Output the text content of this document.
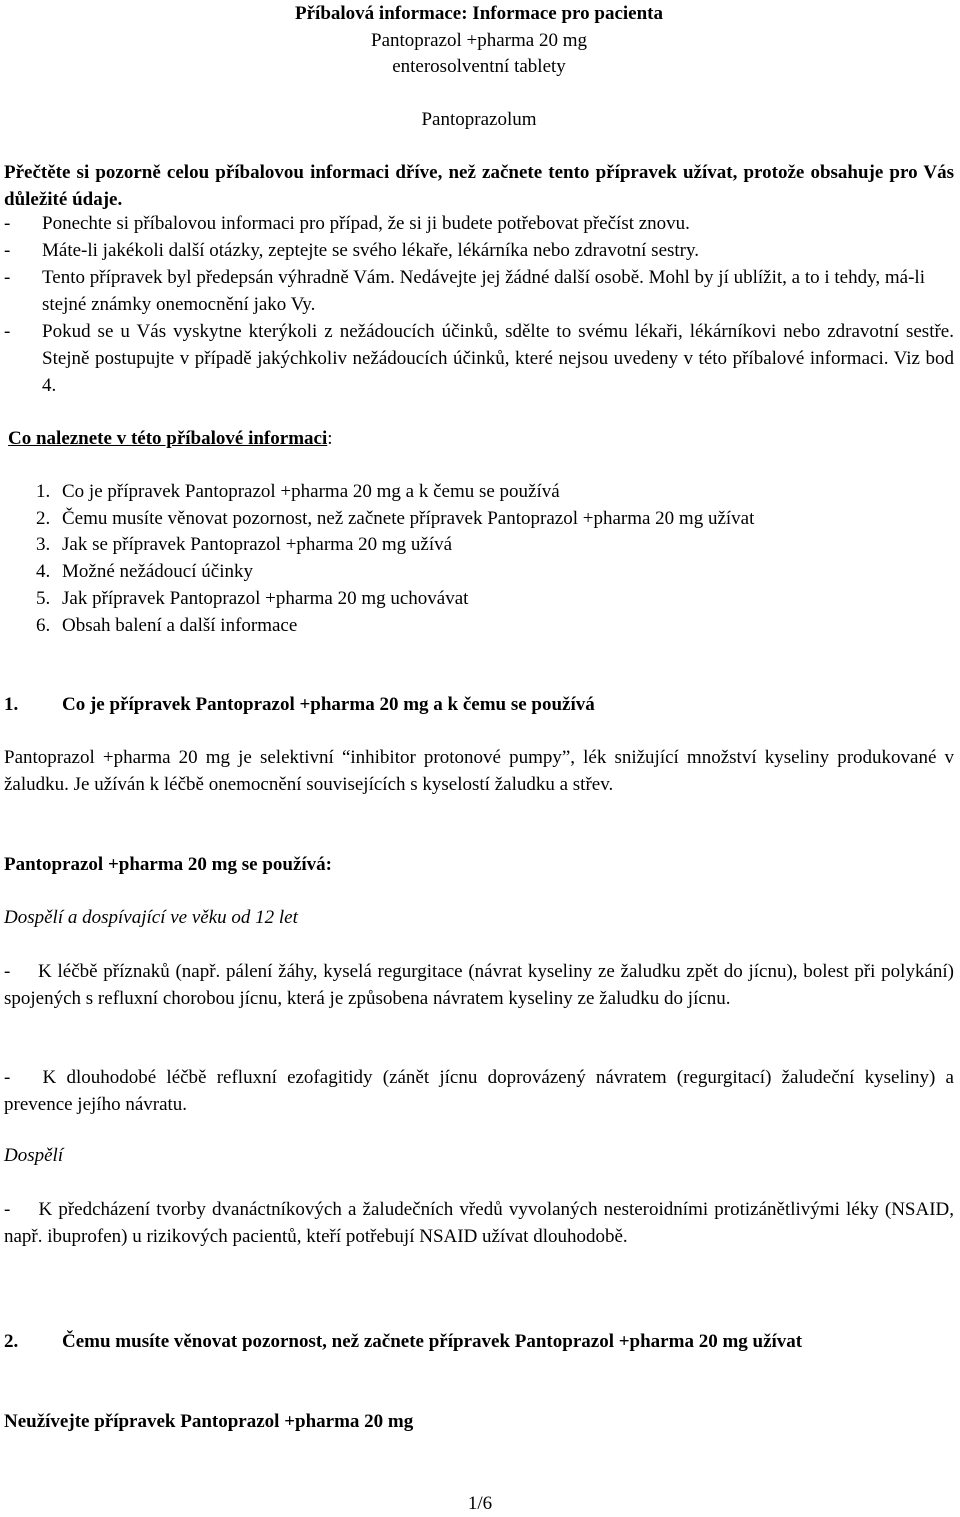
Příbalová informace: Informace pro pacienta
Pantoprazol +pharma 20 mg
enterosolventní tablety
Pantoprazolum
Přečtěte si pozorně celou příbalovou informaci dříve, než začnete tento přípravek užívat, protože obsahuje pro Vás důležité údaje.
- Ponechte si příbalovou informaci pro případ, že si ji budete potřebovat přečíst znovu.
- Máte-li jakékoli další otázky, zeptejte se svého lékaře, lékárníka nebo zdravotní sestry.
- Tento přípravek byl předepsán výhradně Vám. Nedávejte jej žádné další osobě. Mohl by jí ublížit, a to i tehdy, má-li stejné známky onemocnění jako Vy.
- Pokud se u Vás vyskytne kterýkoli z nežádoucích účinků, sdělte to svému lékaři, lékárníkovi nebo zdravotní sestře. Stejně postupujte v případě jakýchkoliv nežádoucích účinků, které nejsou uvedeny v této příbalové informaci. Viz bod 4.
Co naleznete v této příbalové informaci:
1. Co je přípravek Pantoprazol +pharma 20 mg a k čemu se používá
2. Čemu musíte věnovat pozornost, než začnete přípravek Pantoprazol +pharma 20 mg užívat
3. Jak se přípravek Pantoprazol +pharma 20 mg užívá
4. Možné nežádoucí účinky
5. Jak přípravek Pantoprazol +pharma 20 mg uchovávat
6. Obsah balení a další informace
1.	Co je přípravek Pantoprazol +pharma 20 mg a k čemu se používá
Pantoprazol +pharma 20 mg je selektivní “inhibitor protonové pumpy”, lék snižující množství kyseliny produkované v žaludku. Je užíván k léčbě onemocnění souvisejících s kyselostí žaludku a střev.
Pantoprazol +pharma 20 mg se používá:
Dospělí a dospívající ve věku od 12 let
- K léčbě příznaků (např. pálení žáhy, kyselá regurgitace (návrat kyseliny ze žaludku zpět do jícnu), bolest při polykání) spojených s refluxní chorobou jícnu, která je způsobena návratem kyseliny ze žaludku do jícnu.
- K dlouhodobé léčbě refluxní ezofagitidy (zánět jícnu doprovázený návratem (regurgitací) žaludeční kyseliny) a prevence jejího návratu.
Dospělí
- K předcházení tvorby dvanáctníkových a žaludečních vředů vyvolaných nesteroidními protizánětlivými léky (NSAID, např. ibuprofen) u rizikových pacientů, kteří potřebují NSAID užívat dlouhodobě.
2.	Čemu musíte věnovat pozornost, než začnete přípravek Pantoprazol +pharma 20 mg užívat
Neužívejte přípravek Pantoprazol +pharma 20 mg
1/6
